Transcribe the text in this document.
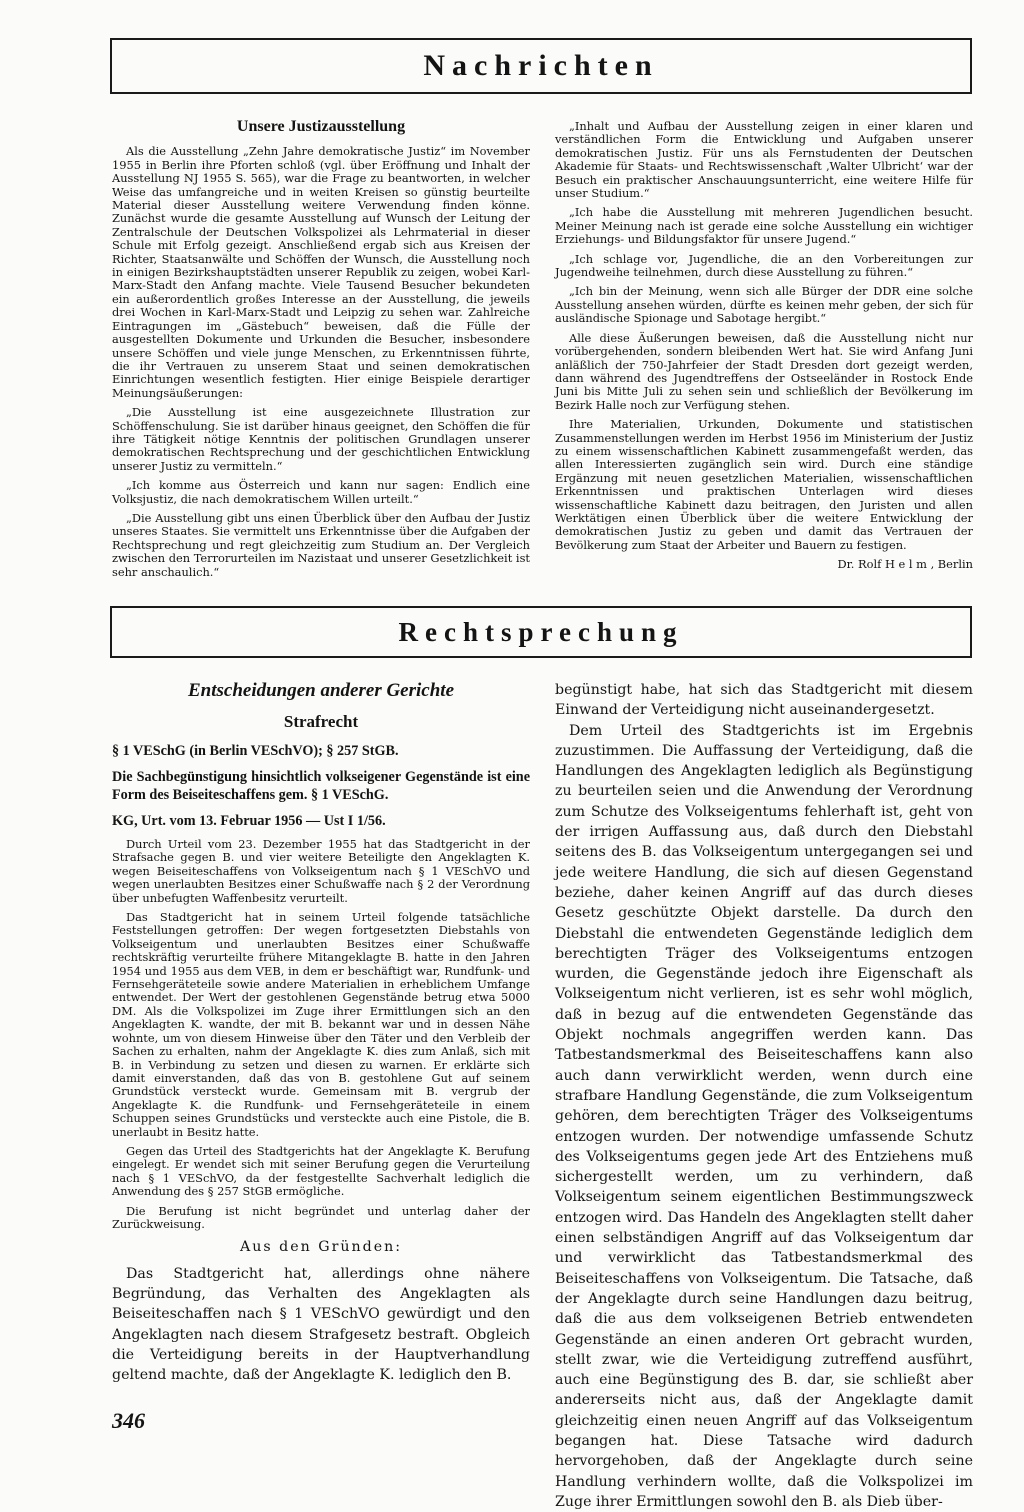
Nachrichten
Unsere Justizausstellung

Als die Ausstellung „Zehn Jahre demokratische Justiz“ im November 1955 in Berlin ihre Pforten schloß (vgl. über Eröffnung und Inhalt der Ausstellung NJ 1955 S. 565), war die Frage zu beantworten, in welcher Weise das umfangreiche und in weiten Kreisen so günstig beurteilte Material dieser Ausstellung weitere Verwendung finden könne. Zunächst wurde die gesamte Ausstellung auf Wunsch der Leitung der Zentralschule der Deutschen Volkspolizei als Lehrmaterial in dieser Schule mit Erfolg gezeigt. Anschließend ergab sich aus Kreisen der Richter, Staatsanwälte und Schöffen der Wunsch, die Ausstellung noch in einigen Bezirkshauptstädten unserer Republik zu zeigen, wobei Karl-Marx-Stadt den Anfang machte. Viele Tausend Besucher bekundeten ein außerordentlich großes Interesse an der Ausstellung, die jeweils drei Wochen in Karl-Marx-Stadt und Leipzig zu sehen war. Zahlreiche Eintragungen im „Gästebuch“ beweisen, daß die Fülle der ausgestellten Dokumente und Urkunden die Besucher, insbesondere unsere Schöffen und viele junge Menschen, zu Erkenntnissen führte, die ihr Vertrauen zu unserem Staat und seinen demokratischen Einrichtungen wesentlich festigten. Hier einige Beispiele derartiger Meinungsäußerungen:

„Die Ausstellung ist eine ausgezeichnete Illustration zur Schöffenschulung. Sie ist darüber hinaus geeignet, den Schöffen die für ihre Tätigkeit nötige Kenntnis der politischen Grundlagen unserer demokratischen Rechtsprechung und der geschichtlichen Entwicklung unserer Justiz zu vermitteln.“

„Ich komme aus Österreich und kann nur sagen: Endlich eine Volksjustiz, die nach demokratischem Willen urteilt.“

„Die Ausstellung gibt uns einen Überblick über den Aufbau der Justiz unseres Staates. Sie vermittelt uns Erkenntnisse über die Aufgaben der Rechtsprechung und regt gleichzeitig zum Studium an. Der Vergleich zwischen den Terrorurteilen im Nazistaat und unserer Gesetzlichkeit ist sehr anschaulich.“

„Inhalt und Aufbau der Ausstellung zeigen in einer klaren und verständlichen Form die Entwicklung und Aufgaben unserer demokratischen Justiz. Für uns als Fernstudenten der Deutschen Akademie für Staats- und Rechtswissenschaft ‚Walter Ulbricht‘ war der Besuch ein praktischer Anschauungsunterricht, eine weitere Hilfe für unser Studium.“

„Ich habe die Ausstellung mit mehreren Jugendlichen besucht. Meiner Meinung nach ist gerade eine solche Ausstellung ein wichtiger Erziehungs- und Bildungsfaktor für unsere Jugend.“

„Ich schlage vor, Jugendliche, die an den Vorbereitungen zur Jugendweihe teilnehmen, durch diese Ausstellung zu führen.“

„Ich bin der Meinung, wenn sich alle Bürger der DDR eine solche Ausstellung ansehen würden, dürfte es keinen mehr geben, der sich für ausländische Spionage und Sabotage hergibt.“

Alle diese Äußerungen beweisen, daß die Ausstellung nicht nur vorübergehenden, sondern bleibenden Wert hat. Sie wird Anfang Juni anläßlich der 750-Jahrfeier der Stadt Dresden dort gezeigt werden, dann während des Jugendtreffens der Ostseeländer in Rostock Ende Juni bis Mitte Juli zu sehen sein und schließlich der Bevölkerung im Bezirk Halle noch zur Verfügung stehen.

Ihre Materialien, Urkunden, Dokumente und statistischen Zusammenstellungen werden im Herbst 1956 im Ministerium der Justiz zu einem wissenschaftlichen Kabinett zusammengefaßt werden, das allen Interessierten zugänglich sein wird. Durch eine ständige Ergänzung mit neuen gesetzlichen Materialien, wissenschaftlichen Erkenntnissen und praktischen Unterlagen wird dieses wissenschaftliche Kabinett dazu beitragen, den Juristen und allen Werktätigen einen Überblick über die weitere Entwicklung der demokratischen Justiz zu geben und damit das Vertrauen der Bevölkerung zum Staat der Arbeiter und Bauern zu festigen.

Dr. Rolf H e l m , Berlin

Rechtsprechung
Entscheidungen anderer Gerichte
Strafrecht
§ 1 VESchG (in Berlin VESchVO); § 257 StGB.
Die Sachbegünstigung hinsichtlich volkseigener Gegenstände ist eine Form des Beiseiteschaffens gem. § 1 VESchG.
KG, Urt. vom 13. Februar 1956 — Ust I 1/56.

Durch Urteil vom 23. Dezember 1955 hat das Stadtgericht in der Strafsache gegen B. und vier weitere Beteiligte den Angeklagten K. wegen Beiseiteschaffens von Volkseigentum nach § 1 VESchVO und wegen unerlaubten Besitzes einer Schußwaffe nach § 2 der Verordnung über unbefugten Waffenbesitz verurteilt.

Das Stadtgericht hat in seinem Urteil folgende tatsächliche Feststellungen getroffen: Der wegen fortgesetzten Diebstahls von Volkseigentum und unerlaubten Besitzes einer Schußwaffe rechtskräftig verurteilte frühere Mitangeklagte B. hatte in den Jahren 1954 und 1955 aus dem VEB, in dem er beschäftigt war, Rundfunk- und Fernsehgeräteteile sowie andere Materialien in erheblichem Umfange entwendet. Der Wert der gestohlenen Gegenstände betrug etwa 5000 DM. Als die Volkspolizei im Zuge ihrer Ermittlungen sich an den Angeklagten K. wandte, der mit B. bekannt war und in dessen Nähe wohnte, um von diesem Hinweise über den Täter und den Verbleib der Sachen zu erhalten, nahm der Angeklagte K. dies zum Anlaß, sich mit B. in Verbindung zu setzen und diesen zu warnen. Er erklärte sich damit einverstanden, daß das von B. gestohlene Gut auf seinem Grundstück versteckt wurde. Gemeinsam mit B. vergrub der Angeklagte K. die Rundfunk- und Fernsehgeräteteile in einem Schuppen seines Grundstücks und versteckte auch eine Pistole, die B. unerlaubt in Besitz hatte.

Gegen das Urteil des Stadtgerichts hat der Angeklagte K. Berufung eingelegt. Er wendet sich mit seiner Berufung gegen die Verurteilung nach § 1 VESchVO, da der festgestellte Sachverhalt lediglich die Anwendung des § 257 StGB ermögliche.

Die Berufung ist nicht begründet und unterlag daher der Zurückweisung.

Aus den Gründen:

Das Stadtgericht hat, allerdings ohne nähere Begründung, das Verhalten des Angeklagten als Beiseiteschaffen nach § 1 VESchVO gewürdigt und den Angeklagten nach diesem Strafgesetz bestraft. Obgleich die Verteidigung bereits in der Hauptverhandlung geltend machte, daß der Angeklagte K. lediglich den B.

begünstigt habe, hat sich das Stadtgericht mit diesem Einwand der Verteidigung nicht auseinandergesetzt.

Dem Urteil des Stadtgerichts ist im Ergebnis zuzustimmen. Die Auffassung der Verteidigung, daß die Handlungen des Angeklagten lediglich als Begünstigung zu beurteilen seien und die Anwendung der Verordnung zum Schutze des Volkseigentums fehlerhaft ist, geht von der irrigen Auffassung aus, daß durch den Diebstahl seitens des B. das Volkseigentum untergegangen sei und jede weitere Handlung, die sich auf diesen Gegenstand beziehe, daher keinen Angriff auf das durch dieses Gesetz geschützte Objekt darstelle. Da durch den Diebstahl die entwendeten Gegenstände lediglich dem berechtigten Träger des Volkseigentums entzogen wurden, die Gegenstände jedoch ihre Eigenschaft als Volkseigentum nicht verlieren, ist es sehr wohl möglich, daß in bezug auf die entwendeten Gegenstände das Objekt nochmals angegriffen werden kann. Das Tatbestandsmerkmal des Beiseiteschaffens kann also auch dann verwirklicht werden, wenn durch eine strafbare Handlung Gegenstände, die zum Volkseigentum gehören, dem berechtigten Träger des Volkseigentums entzogen wurden. Der notwendige umfassende Schutz des Volkseigentums gegen jede Art des Entziehens muß sichergestellt werden, um zu verhindern, daß Volkseigentum seinem eigentlichen Bestimmungszweck entzogen wird. Das Handeln des Angeklagten stellt daher einen selbständigen Angriff auf das Volkseigentum dar und verwirklicht das Tatbestandsmerkmal des Beiseiteschaffens von Volkseigentum. Die Tatsache, daß der Angeklagte durch seine Handlungen dazu beitrug, daß die aus dem volkseigenen Betrieb entwendeten Gegenstände an einen anderen Ort gebracht wurden, stellt zwar, wie die Verteidigung zutreffend ausführt, auch eine Begünstigung des B. dar, sie schließt aber andererseits nicht aus, daß der Angeklagte damit gleichzeitig einen neuen Angriff auf das Volkseigentum begangen hat. Diese Tatsache wird dadurch hervorgehoben, daß der Angeklagte durch seine Handlung verhindern wollte, daß die Volkspolizei im Zuge ihrer Ermittlungen sowohl den B. als Dieb über-

346
